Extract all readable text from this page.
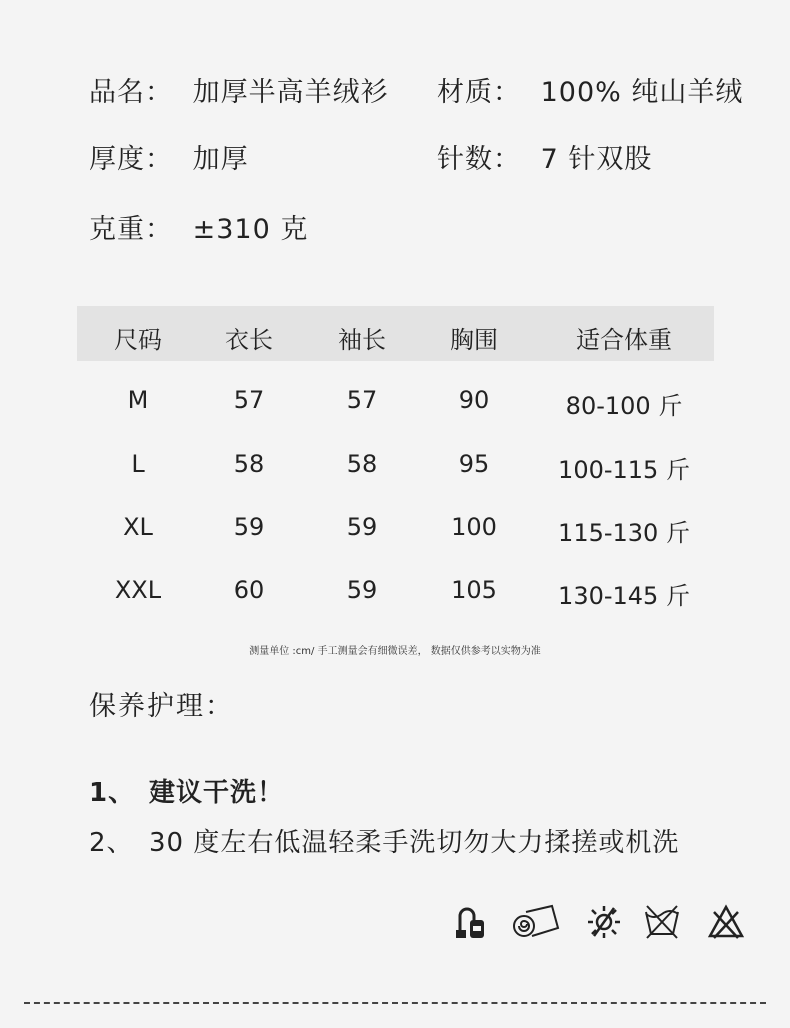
品名： 加厚半高羊绒衫 材质： 100% 纯山羊绒
厚度： 加厚	针数： 7 针双股
克重： ±310 克
尺码	衣长	袖长	胸围	适合体重
M	57	57	90	80-100 斤
L	58	58	95	100-115 斤
XL	59	59	100	115-130 斤
XXL	60	59	105	130-145 斤
测量单位 :cm/ 手工测量会有细微误差， 数据仅供参考以实物为准
保养护理：
1、 建议干洗！
2、 30 度左右低温轻柔手洗切勿大力揉搓或机洗
